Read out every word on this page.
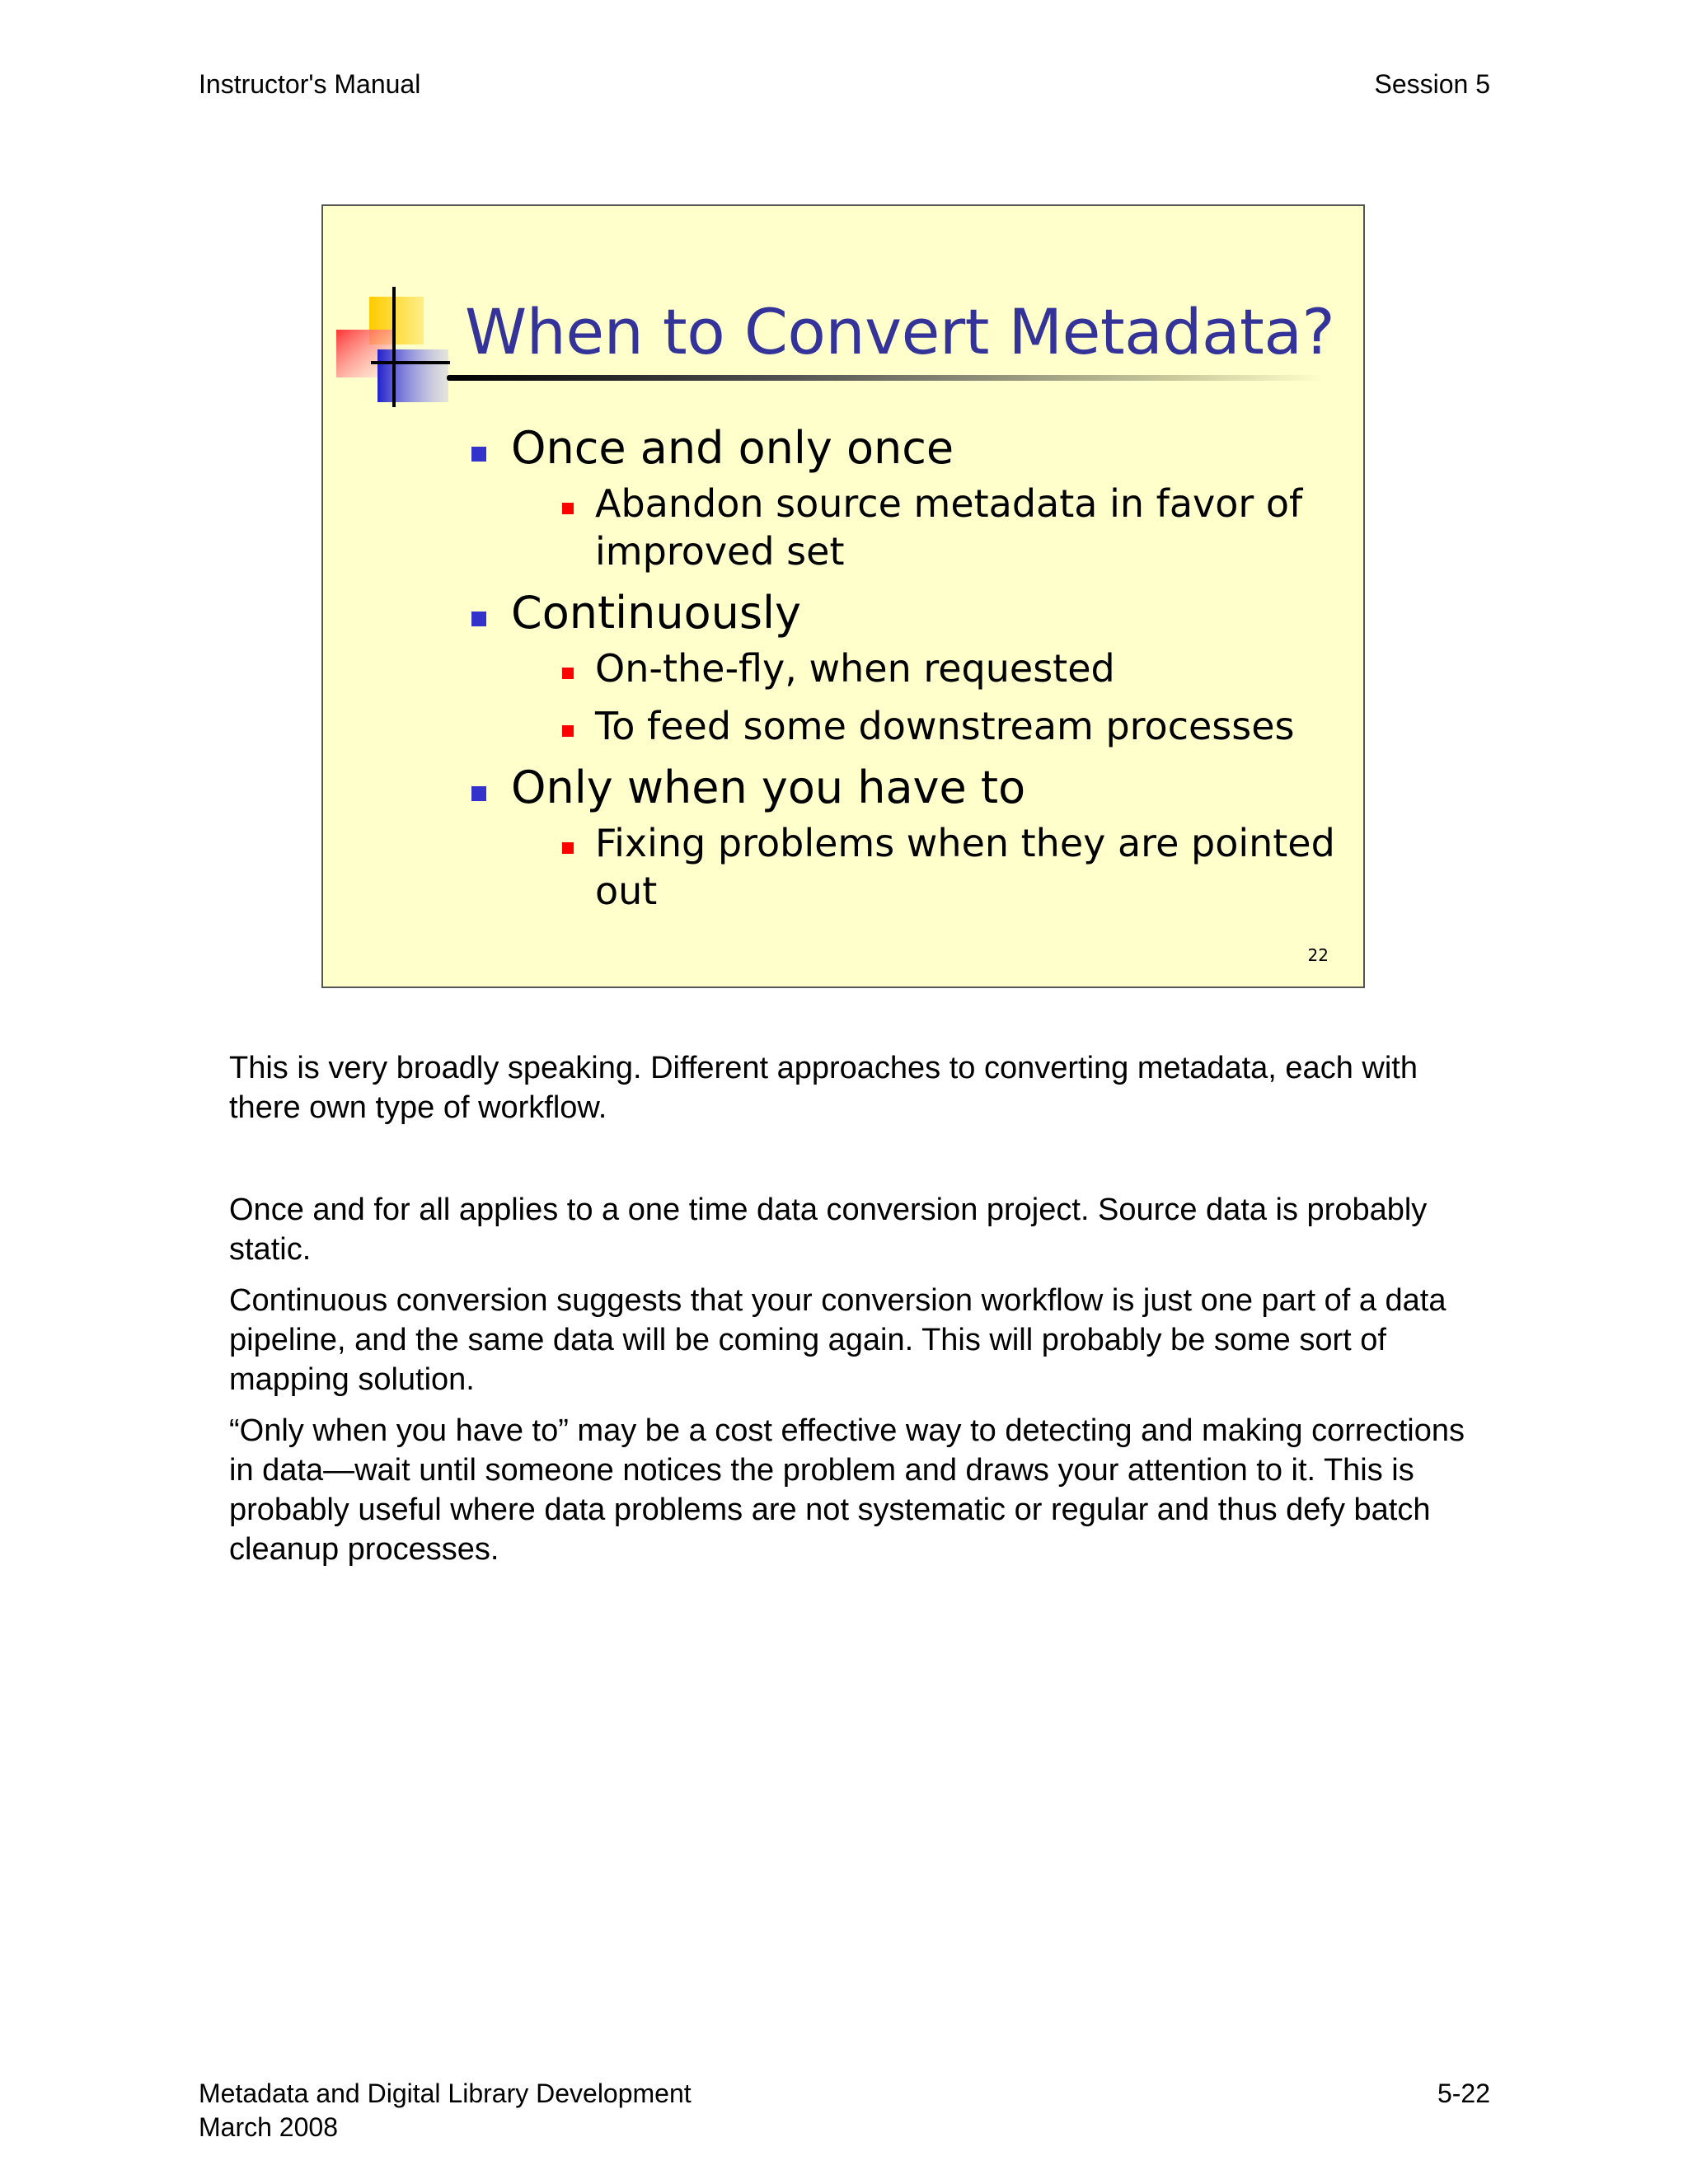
Instructor's Manual	Session 5
When to Convert Metadata?
Once and only once
Abandon source metadata in favor of improved set
Continuously
On-the-fly, when requested
To feed some downstream processes
Only when you have to
Fixing problems when they are pointed out
22

This is very broadly speaking. Different approaches to converting metadata, each with there own type of workflow.

Once and for all applies to a one time data conversion project. Source data is probably static.

Continuous conversion suggests that your conversion workflow is just one part of a data pipeline, and the same data will be coming again. This will probably be some sort of mapping solution.

“Only when you have to” may be a cost effective way to detecting and making corrections in data—wait until someone notices the problem and draws your attention to it. This is probably useful where data problems are not systematic or regular and thus defy batch cleanup processes.

Metadata and Digital Library Development
March 2008
5-22
